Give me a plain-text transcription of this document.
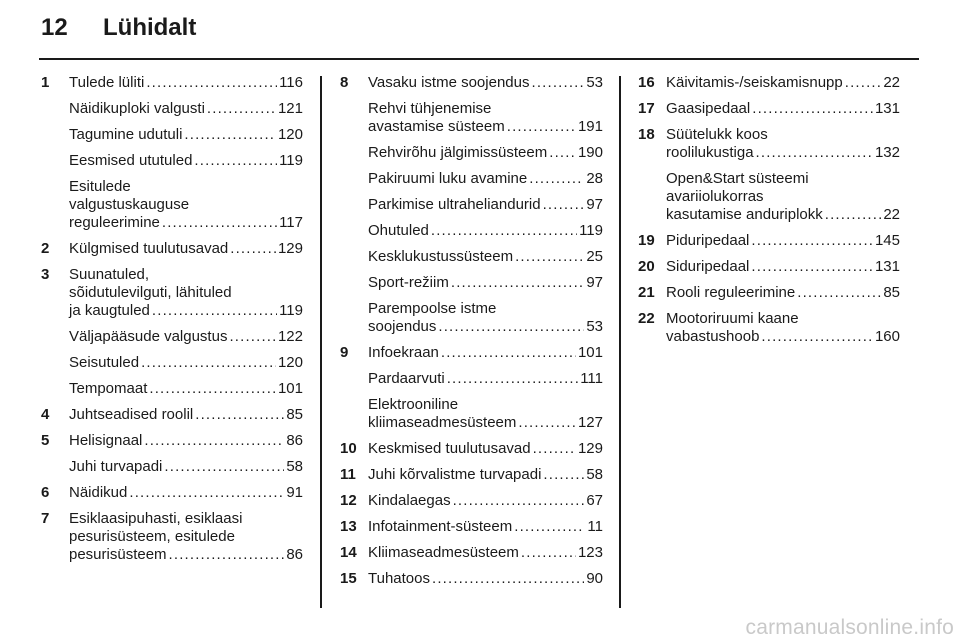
12	Lühidalt
1	Tulede lüliti . . .	116
Näidikuploki valgusti . . .	121
Tagumine udutuli . . .	120
Eesmised ututuled . . .	119
Esitulede
valgustuskauguse
reguleerimine . . .	117
2	Külgmised tuulutusavad . . .	129
3	Suunatuled,
sõidutulevilguti, lähituled
ja kaugtuled . . .	119
Väljapääsude valgustus . . .	122
Seisutuled . . .	120
Tempomaat . . .	101
4	Juhtseadised roolil . . .	85
5	Helisignaal . . .	86
Juhi turvapadi . . .	58
6	Näidikud . . .	91
7	Esiklaasipuhasti, esiklaasi
pesurisüsteem, esitulede
pesurisüsteem . . .	86
8	Vasaku istme soojendus . . .	53
Rehvi tühjenemise
avastamise süsteem . . .	191
Rehvirõhu jälgimissüsteem . . . 190
Pakiruumi luku avamine . . .	28
Parkimise ultraheliandurid . . .	97
Ohutuled . . .	119
Kesklukustussüsteem . . .	25
Sport-režiim . . .	97
Parempoolse istme
soojendus . . .	53
9	Infoekraan . . .	101
Pardaarvuti . . .	111
Elektrooniline
kliimaseadmesüsteem . . .	127
10 Keskmised tuulutusavad . . .	129
11 Juhi kõrvalistme turvapadi . . .	58
12 Kindalaegas . . .	67
13 Infotainment-süsteem . . .	11
14 Kliimaseadmesüsteem . . .	123
15 Tuhatoos . . .	90
16 Käivitamis-/seiskamisnupp . . .	22
17 Gaasipedaal . . .	131
18 Süütelukk koos
roolilukustiga . . .	132
Open&Start süsteemi
avariiolukorras
kasutamise anduriplokk . . .	22
19 Piduripedaal . . .	145
20 Siduripedaal . . .	131
21 Rooli reguleerimine . . .	85
22 Mootoriruumi kaane
vabastushoob . . .	160
carmanualsonline.info
